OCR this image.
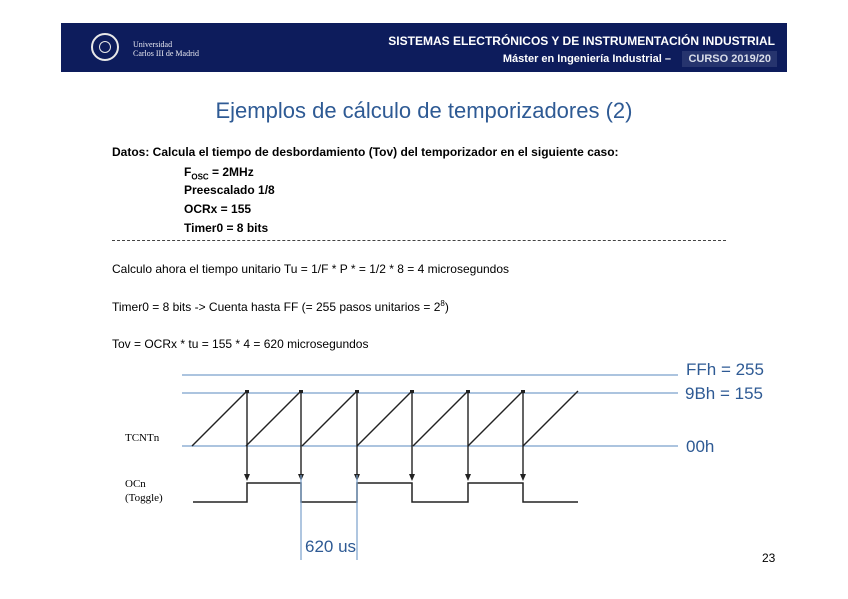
Universidad
Carlos III de Madrid
SISTEMAS ELECTRÓNICOS Y DE INSTRUMENTACIÓN INDUSTRIAL
Máster en Ingeniería Industrial –	CURSO 2019/20
Ejemplos de cálculo de temporizadores (2)
Datos: Calcula el tiempo de desbordamiento (Tov) del temporizador en el siguiente caso:
$F_{OSC} = 2MHz$
Preescalado 1/8
OCRx = 155
Timer0 = 8 bits
Calculo ahora el tiempo unitario Tu = 1/F * P * = 1/2 * 8 = 4 microsegundos
Timer0 = 8 bits -> Cuenta hasta FF (= 255 pasos unitarios = $2^8$)
Tov = OCRx * tu = 155 * 4 = 620 microsegundos
FFh = 255
9Bh = 155
00h
TCNTn
OCn
(Toggle)
620 us
23
